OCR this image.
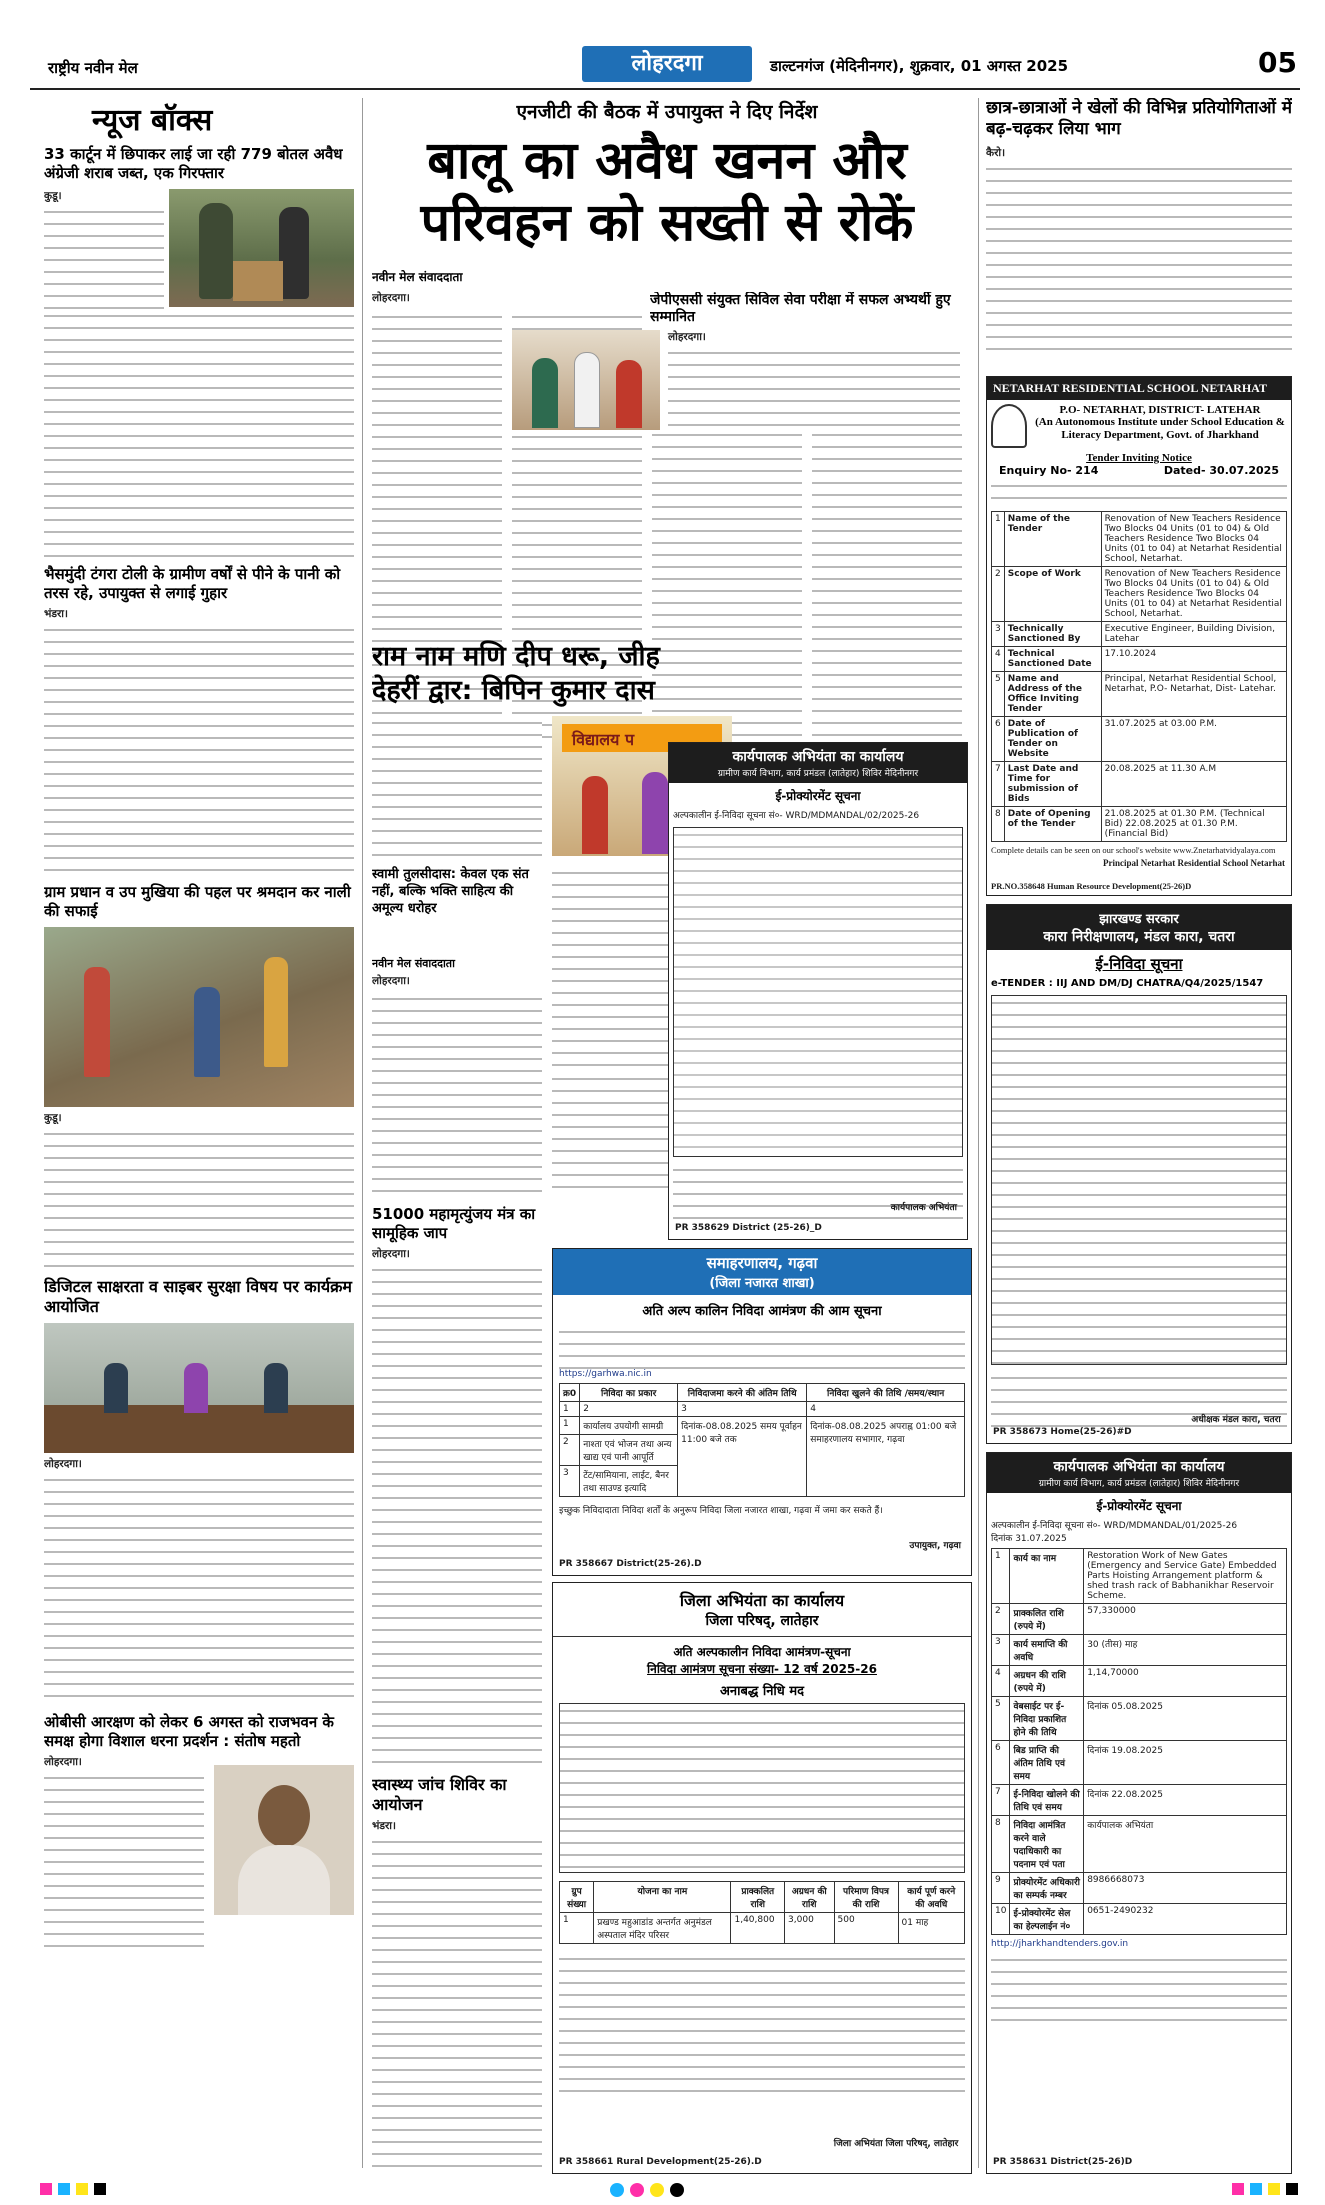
राष्ट्रीय नवीन मेल	लोहरदगा	डाल्टनगंज (मेदिनीनगर), शुक्रवार, 01 अगस्त 2025	05
न्यूज बॉक्स
33 कार्टून में छिपाकर लाई जा रही 779 बोतल अवैध अंग्रेजी शराब जब्त, एक गिरफ्तार
कुडू।
भैसमुंदी टंगरा टोली के ग्रामीण वर्षों से पीने के पानी को तरस रहे, उपायुक्त से लगाई गुहार
भंडरा।
ग्राम प्रधान व उप मुखिया की पहल पर श्रमदान कर नाली की सफाई
कुडू।
डिजिटल साक्षरता व साइबर सुरक्षा विषय पर कार्यक्रम आयोजित
लोहरदगा।
ओबीसी आरक्षण को लेकर 6 अगस्त को राजभवन के समक्ष होगा विशाल धरना प्रदर्शन : संतोष महतो
लोहरदगा।
एनजीटी की बैठक में उपायुक्त ने दिए निर्देश
बालू का अवैध खनन और
परिवहन को सख्ती से रोकें
नवीन मेल संवाददाता
लोहरदगा।	जेपीएससी संयुक्त सिविल सेवा परीक्षा में सफल अभ्यर्थी हुए सम्मानित
लोहरदगा।
राम नाम मणि दीप धरू, जीह
देहरीं द्वार: बिपिन कुमार दास
विद्यालय प
स्वामी तुलसीदास: केवल एक संत नहीं, बल्कि भक्ति साहित्य की अमूल्य धरोहर
नवीन मेल संवाददाता
लोहरदगा।
51000 महामृत्युंजय मंत्र का सामूहिक जाप
लोहरदगा।
स्वास्थ्य जांच शिविर का आयोजन
भंडरा।
कार्यपालक अभियंता का कार्यालय
ग्रामीण कार्य विभाग, कार्य प्रमंडल (लातेहार) शिविर मेदिनीनगर
ई-प्रोक्योरमेंट सूचना
अल्पकालीन ई-निविदा सूचना सं०- WRD/MDMANDAL/02/2025-26
कार्यपालक अभियंता
PR 358629 District (25-26)_D
समाहरणालय, गढ़वा
(जिला नजारत शाखा)
अति अल्प कालिन निविदा आमंत्रण की आम सूचना
https://garhwa.nic.in
क्र0	निविदा का प्रकार	निविदाजमा करने की अंतिम तिथि	निविदा खुलने की तिथि /समय/स्थान
1	2	3	4
1	कार्यालय उपयोगी सामग्री	दिनांक-08.08.2025 समय पूर्वाहन 11:00 बजे तक	दिनांक-08.08.2025 अपराह्न 01:00 बजे समाहरणालय सभागार, गढ़वा
2	नाश्ता एवं भोजन तथा अन्य खाद्य एवं पानी आपूर्ति		
3	टेंट/सामियाना, लाईट, बैनर तथा साउण्ड इत्यादि		
इच्छुक निविदादाता निविदा शर्तों के अनुरूप निविदा जिला नजारत शाखा, गढ़वा में जमा कर सकते हैं।
उपायुक्त, गढ़वा
PR 358667 District(25-26).D
जिला अभियंता का कार्यालय
जिला परिषद्, लातेहार
अति अल्पकालीन निविदा आमंत्रण-सूचना
निविदा आमंत्रण सूचना संख्या- 12 वर्ष 2025-26
अनाबद्ध निधि मद
ग्रुप संख्या	योजना का नाम	प्राक्कलित राशि	अग्रधन की राशि	परिमाण विपत्र की राशि	कार्य पूर्ण करने की अवधि
1	प्रखण्ड महुआडांड अन्तर्गत अनुमंडल अस्पताल मंदिर परिसर	1,40,800	3,000	500	01 माह
जिला अभियंता जिला परिषद्, लातेहार
PR 358661 Rural Development(25-26).D
छात्र-छात्राओं ने खेलों की विभिन्न प्रतियोगिताओं में बढ़-चढ़कर लिया भाग
कैरो।
NETARHAT RESIDENTIAL SCHOOL NETARHAT
P.O- NETARHAT, DISTRICT- LATEHAR
(An Autonomous Institute under School Education & Literacy Department, Govt. of Jharkhand
Tender Inviting Notice
Enquiry No- 214	Dated- 30.07.2025
1	Name of the Tender	Renovation of New Teachers Residence Two Blocks 04 Units (01 to 04) & Old Teachers Residence Two Blocks 04 Units (01 to 04) at Netarhat Residential School, Netarhat.
2	Scope of Work	Renovation of New Teachers Residence Two Blocks 04 Units (01 to 04) & Old Teachers Residence Two Blocks 04 Units (01 to 04) at Netarhat Residential School, Netarhat.
3	Technically Sanctioned By	Executive Engineer, Building Division, Latehar
4	Technical Sanctioned Date	17.10.2024
5	Name and Address of the Office Inviting Tender	Principal, Netarhat Residential School, Netarhat, P.O- Netarhat, Dist- Latehar.
6	Date of Publication of Tender on Website	31.07.2025 at 03.00 P.M.
7	Last Date and Time for submission of Bids	20.08.2025 at 11.30 A.M
8	Date of Opening of the Tender	21.08.2025 at 01.30 P.M. (Technical Bid) 22.08.2025 at 01.30 P.M. (Financial Bid)
Complete details can be seen on our school's website www.Znetarhatvidyalaya.com
Principal Netarhat Residential School Netarhat
PR.NO.358648 Human Resource Development(25-26)D
झारखण्ड सरकार
कारा निरीक्षणालय, मंडल कारा, चतरा
ई-निविदा सूचना
e-TENDER : IIJ AND DM/DJ CHATRA/Q4/2025/1547
अधीक्षक मंडल कारा, चतरा
PR 358673 Home(25-26)#D
कार्यपालक अभियंता का कार्यालय
ग्रामीण कार्य विभाग, कार्य प्रमंडल (लातेहार) शिविर मेदिनीनगर
ई-प्रोक्योरमेंट सूचना
अल्पकालीन ई-निविदा सूचना सं०- WRD/MDMANDAL/01/2025-26
दिनांक 31.07.2025
1	कार्य का नाम	Restoration Work of New Gates (Emergency and Service Gate) Embedded Parts Hoisting Arrangement platform & shed trash rack of Babhanikhar Reservoir Scheme.
2	प्राक्कलित राशि (रुपये में)	57,330000
3	कार्य समाप्ति की अवधि	30 (तीस) माह
4	अग्रधन की राशि (रुपये में)	1,14,70000
5	वेबसाईट पर ई-निविदा प्रकाशित होने की तिथि	दिनांक 05.08.2025
6	बिड प्राप्ति की अंतिम तिथि एवं समय	दिनांक 19.08.2025
7	ई-निविदा खोलने की तिथि एवं समय	दिनांक 22.08.2025
8	निविदा आमंत्रित करने वाले पदाधिकारी का पदनाम एवं पता	कार्यपालक अभियंता
9	प्रोक्योरमेंट अधिकारी का सम्पर्क नम्बर	8986668073
10	ई-प्रोक्योरमेंट सेल का हेल्पलाईन नं०	0651-2490232
http://jharkhandtenders.gov.in
PR 358631 District(25-26)D
